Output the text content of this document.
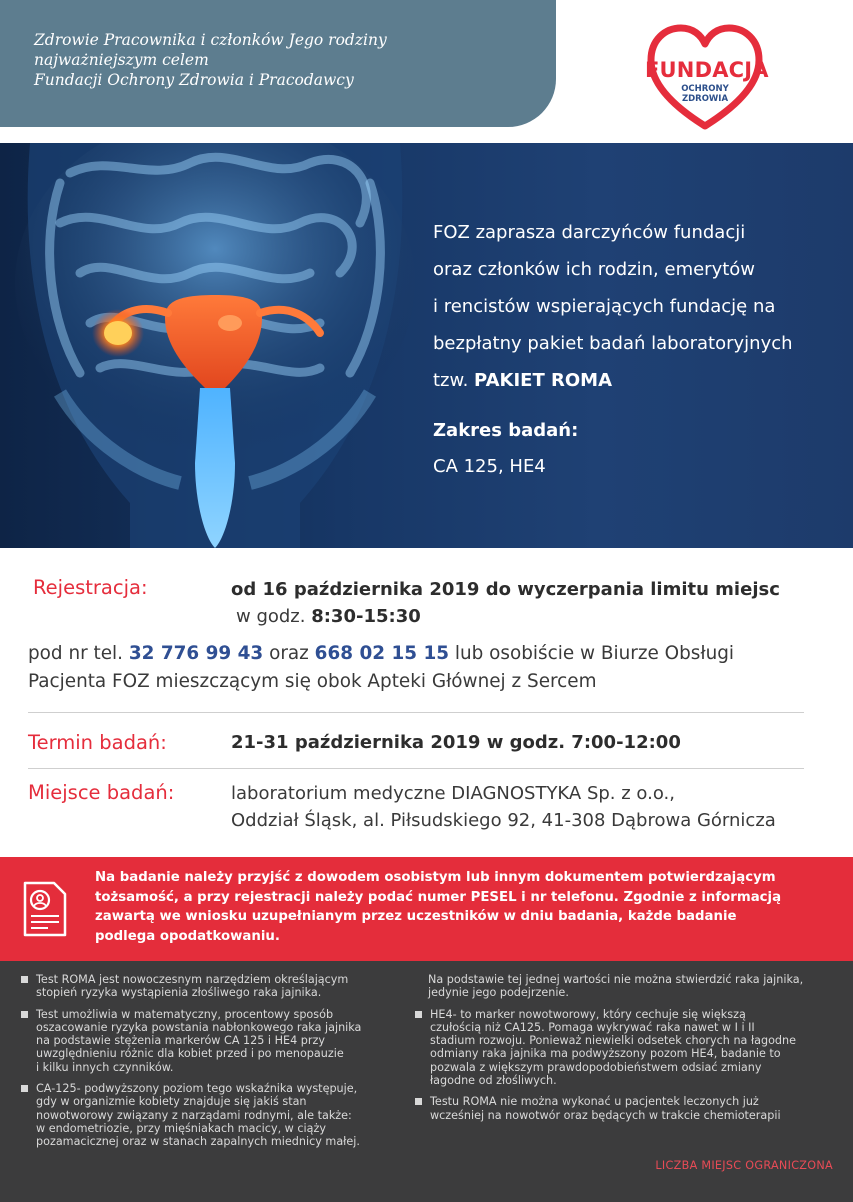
Zdrowie Pracownika i członków Jego rodziny
najważniejszym celem
Fundacji Ochrony Zdrowia i Pracodawcy	FUNDACJA
OCHRONY
ZDROWIA
FOZ zaprasza darczyńców fundacji
oraz członków ich rodzin, emerytów
i rencistów wspierających fundację na
bezpłatny pakiet badań laboratoryjnych
tzw. PAKIET ROMA
Zakres badań:
CA 125, HE4
Rejestracja:	od 16 października 2019 do wyczerpania limitu miejsc
w godz. 8:30-15:30
pod nr tel. 32 776 99 43 oraz 668 02 15 15 lub osobiście w Biurze Obsługi
Pacjenta FOZ mieszczącym się obok Apteki Głównej z Sercem
Termin badań:	21-31 października 2019 w godz. 7:00-12:00
Miejsce badań:	laboratorium medyczne DIAGNOSTYKA Sp. z o.o.,
Oddział Śląsk, al. Piłsudskiego 92, 41-308 Dąbrowa Górnicza
Na badanie należy przyjść z dowodem osobistym lub innym dokumentem potwierdzającym
tożsamość, a przy rejestracji należy podać numer PESEL i nr telefonu. Zgodnie z informacją
zawartą we wniosku uzupełnianym przez uczestników w dniu badania, każde badanie
podlega opodatkowaniu.
Test ROMA jest nowoczesnym narzędziem określającym
stopień ryzyka wystąpienia złośliwego raka jajnika.
Test umożliwia w matematyczny, procentowy sposób
oszacowanie ryzyka powstania nabłonkowego raka jajnika
na podstawie stężenia markerów CA 125 i HE4 przy
uwzględnieniu różnic dla kobiet przed i po menopauzie
i kilku innych czynników.
CA-125- podwyższony poziom tego wskaźnika występuje,
gdy w organizmie kobiety znajduje się jakiś stan
nowotworowy związany z narządami rodnymi, ale także:
w endometriozie, przy mięśniakach macicy, w ciąży
pozamacicznej oraz w stanach zapalnych miednicy małej.
Na podstawie tej jednej wartości nie można stwierdzić raka jajnika,
jedynie jego podejrzenie.
HE4- to marker nowotworowy, który cechuje się większą
czułością niż CA125. Pomaga wykrywać raka nawet w I i II
stadium rozwoju. Ponieważ niewielki odsetek chorych na łagodne
odmiany raka jajnika ma podwyższony pozom HE4, badanie to
pozwala z większym prawdopodobieństwem odsiać zmiany
łagodne od złośliwych.
Testu ROMA nie można wykonać u pacjentek leczonych już
wcześniej na nowotwór oraz będących w trakcie chemioterapii
LICZBA MIEJSC OGRANICZONA
